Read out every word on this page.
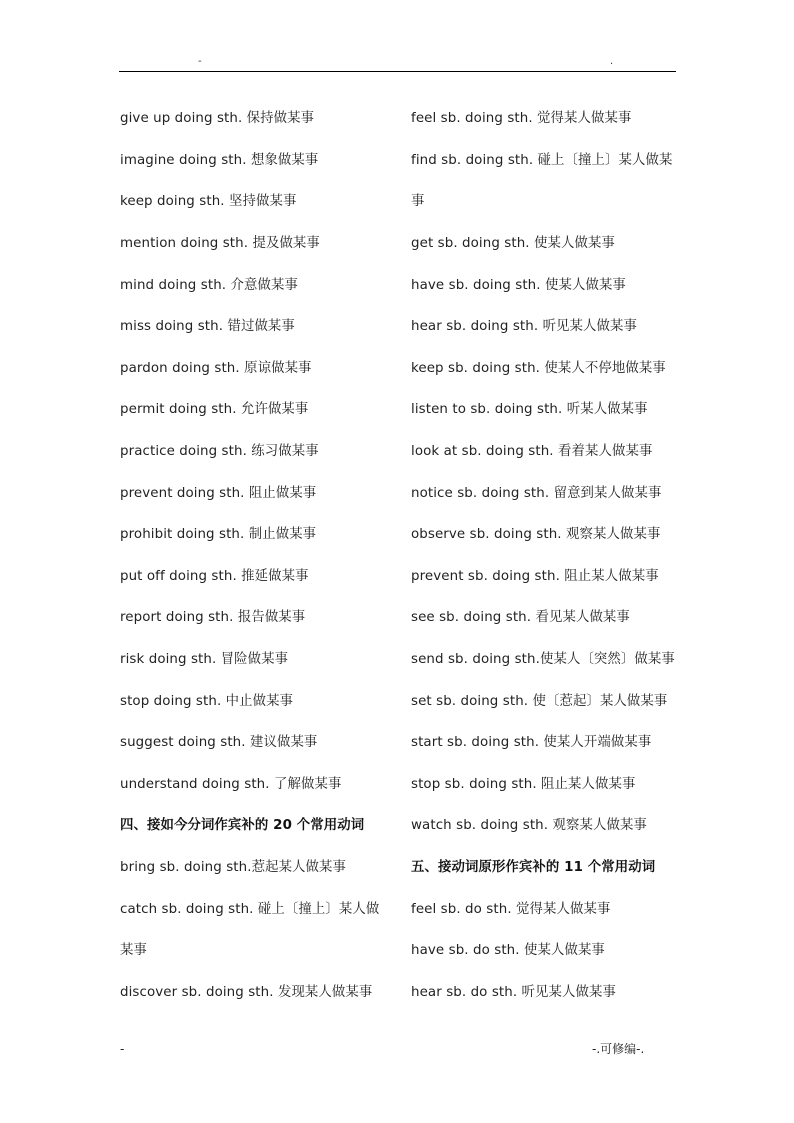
-	.
give up doing sth. 保持做某事
imagine doing sth. 想象做某事
keep doing sth. 坚持做某事
mention doing sth. 提及做某事
mind doing sth. 介意做某事
miss doing sth. 错过做某事
pardon doing sth. 原谅做某事
permit doing sth. 允许做某事
practice doing sth. 练习做某事
prevent doing sth. 阻止做某事
prohibit doing sth. 制止做某事
put off doing sth. 推延做某事
report doing sth. 报告做某事
risk doing sth. 冒险做某事
stop doing sth. 中止做某事
suggest doing sth. 建议做某事
understand doing sth. 了解做某事
四、接如今分词作宾补的 20 个常用动词
bring sb. doing sth.惹起某人做某事
catch sb. doing sth. 碰上〔撞上〕某人做
某事
discover sb. doing sth. 发现某人做某事
feel sb. doing sth. 觉得某人做某事
find sb. doing sth. 碰上〔撞上〕某人做某
事
get sb. doing sth. 使某人做某事
have sb. doing sth. 使某人做某事
hear sb. doing sth. 听见某人做某事
keep sb. doing sth. 使某人不停地做某事
listen to sb. doing sth. 听某人做某事
look at sb. doing sth. 看着某人做某事
notice sb. doing sth. 留意到某人做某事
observe sb. doing sth. 观察某人做某事
prevent sb. doing sth. 阻止某人做某事
see sb. doing sth. 看见某人做某事
send sb. doing sth.使某人〔突然〕做某事
set sb. doing sth. 使〔惹起〕某人做某事
start sb. doing sth. 使某人开端做某事
stop sb. doing sth. 阻止某人做某事
watch sb. doing sth. 观察某人做某事
五、接动词原形作宾补的 11 个常用动词
feel sb. do sth. 觉得某人做某事
have sb. do sth. 使某人做某事
hear sb. do sth. 听见某人做某事
-	-.可修编-.
